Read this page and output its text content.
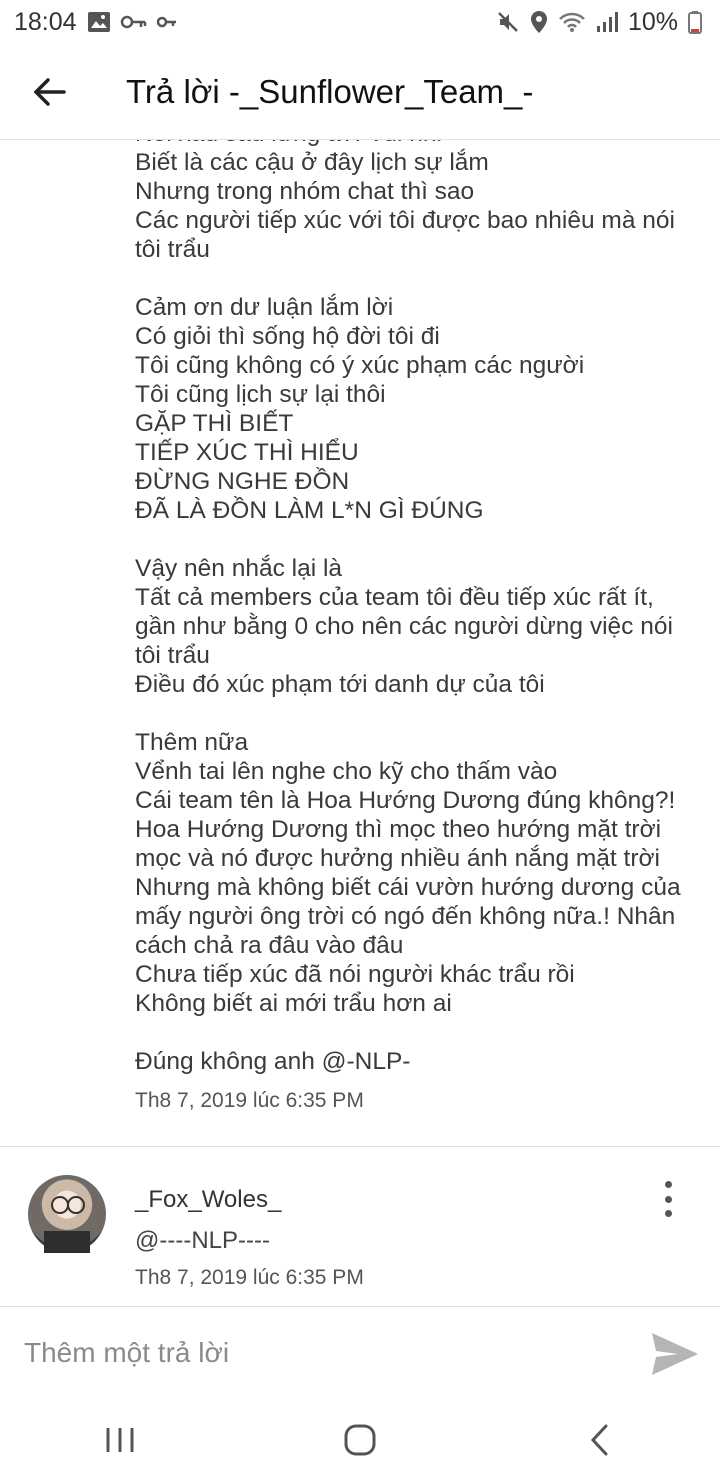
18:04	10%
Trả lời -_Sunflower_Team_-
Biết là các cậu ở đây lịch sự lắm
Nhưng trong nhóm chat thì sao
Các người tiếp xúc với tôi được bao nhiêu mà nói
tôi trẩu
Cảm ơn dư luận lắm lời
Có giỏi thì sống hộ đời tôi đi
Tôi cũng không có ý xúc phạm các người
Tôi cũng lịch sự lại thôi
GẶP THÌ BIẾT
TIẾP XÚC THÌ HIỂU
ĐỪNG NGHE ĐỒN
ĐÃ LÀ ĐỒN LÀM L*N GÌ ĐÚNG
Vậy nên nhắc lại là
Tất cả members của team tôi đều tiếp xúc rất ít,
gần như bằng 0 cho nên các người dừng việc nói
tôi trẩu
Điều đó xúc phạm tới danh dự của tôi
Thêm nữa
Vểnh tai lên nghe cho kỹ cho thấm vào
Cái team tên là Hoa Hướng Dương đúng không?!
Hoa Hướng Dương thì mọc theo hướng mặt trời
mọc và nó được hưởng nhiều ánh nắng mặt trời
Nhưng mà không biết cái vườn hướng dương của
mấy người ông trời có ngó đến không nữa.! Nhân
cách chả ra đâu vào đâu
Chưa tiếp xúc đã nói người khác trẩu rồi
Không biết ai mới trẩu hơn ai
Đúng không anh @-NLP-
Th8 7, 2019 lúc 6:35 PM
_Fox_Woles_
@----NLP----
Th8 7, 2019 lúc 6:35 PM
Thêm một trả lời
